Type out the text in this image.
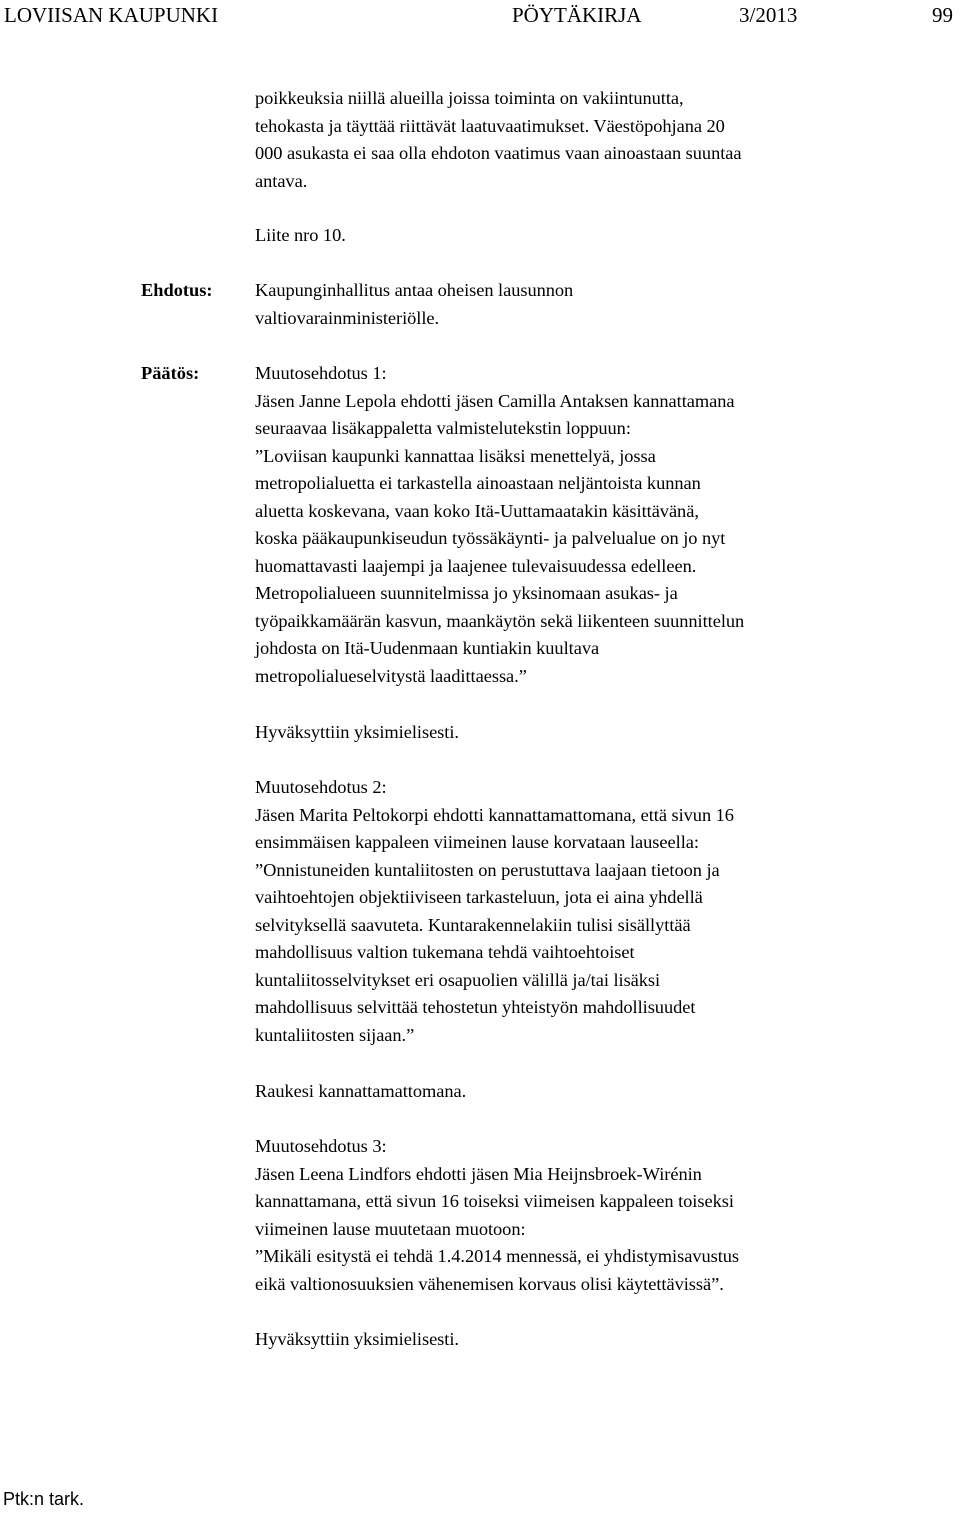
LOVIISAN KAUPUNKI	PÖYTÄKIRJA	3/2013	99

poikkeuksia niillä alueilla joissa toiminta on vakiintunutta,

tehokasta ja täyttää riittävät laatuvaatimukset. Väestöpohjana 20

000 asukasta ei saa olla ehdoton vaatimus vaan ainoastaan suuntaa

antava.

Liite nro 10.

Ehdotus: Kaupunginhallitus antaa oheisen lausunnon

valtiovarainministeriölle.

Päätös:	Muutosehdotus 1:

Jäsen Janne Lepola ehdotti jäsen Camilla Antaksen kannattamana

seuraavaa lisäkappaletta valmistelutekstin loppuun:

”Loviisan kaupunki kannattaa lisäksi menettelyä, jossa

metropolialuetta ei tarkastella ainoastaan neljäntoista kunnan

aluetta koskevana, vaan koko Itä-Uuttamaatakin käsittävänä,

koska pääkaupunkiseudun työssäkäynti- ja palvelualue on jo nyt

huomattavasti laajempi ja laajenee tulevaisuudessa edelleen.

Metropolialueen suunnitelmissa jo yksinomaan asukas- ja

työpaikkamäärän kasvun, maankäytön sekä liikenteen suunnittelun

johdosta on Itä-Uudenmaan kuntiakin kuultava

metropolialueselvitystä laadittaessa.”

Hyväksyttiin yksimielisesti.

Muutosehdotus 2:

Jäsen Marita Peltokorpi ehdotti kannattamattomana, että sivun 16

ensimmäisen kappaleen viimeinen lause korvataan lauseella:

”Onnistuneiden kuntaliitosten on perustuttava laajaan tietoon ja

vaihtoehtojen objektiiviseen tarkasteluun, jota ei aina yhdellä

selvityksellä saavuteta. Kuntarakennelakiin tulisi sisällyttää

mahdollisuus valtion tukemana tehdä vaihtoehtoiset

kuntaliitosselvitykset eri osapuolien välillä ja/tai lisäksi

mahdollisuus selvittää tehostetun yhteistyön mahdollisuudet

kuntaliitosten sijaan.”

Raukesi kannattamattomana.

Muutosehdotus 3:

Jäsen Leena Lindfors ehdotti jäsen Mia Heijnsbroek-Wirénin

kannattamana, että sivun 16 toiseksi viimeisen kappaleen toiseksi

viimeinen lause muutetaan muotoon:

”Mikäli esitystä ei tehdä 1.4.2014 mennessä, ei yhdistymisavustus

eikä valtionosuuksien vähenemisen korvaus olisi käytettävissä”.

Hyväksyttiin yksimielisesti.

Ptk:n tark.
